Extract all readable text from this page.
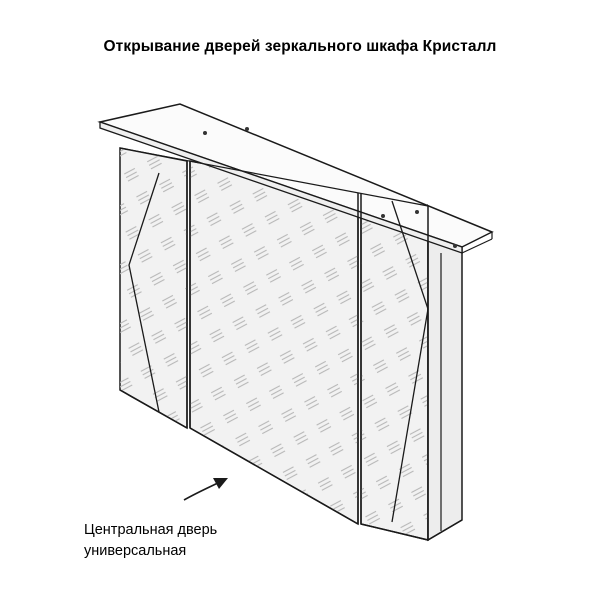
Открывание дверей зеркального шкафа Кристалл
Центральная дверь
универсальная
